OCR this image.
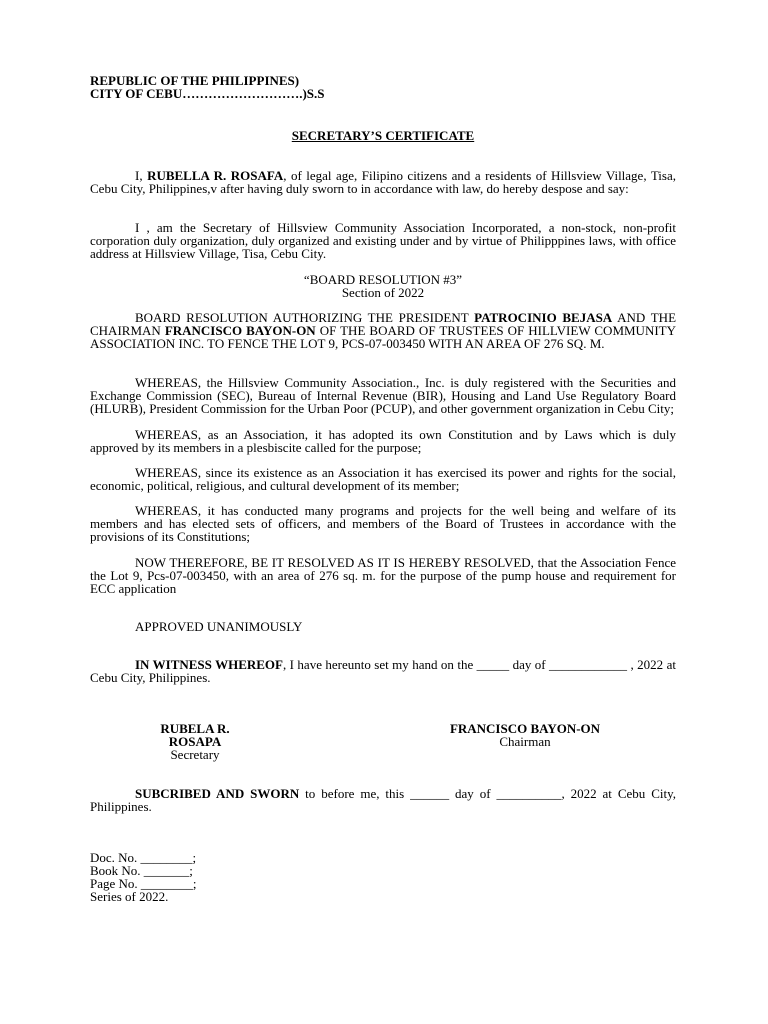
REPUBLIC OF THE PHILIPPINES)
CITY OF CEBU……………………….)S.S
SECRETARY’S CERTIFICATE

I, RUBELLA R. ROSAFA, of legal age, Filipino citizens and a residents of Hillsview Village, Tisa, Cebu City, Philippines,v after having duly sworn to in accordance with law, do hereby despose and say:

I , am the Secretary of Hillsview Community Association Incorporated, a non-stock, non-profit corporation duly organization, duly organized and existing under and by virtue of Philipppines laws, with office address at Hillsview Village, Tisa, Cebu City.

“BOARD RESOLUTION #3”
Section of 2022

BOARD RESOLUTION AUTHORIZING THE PRESIDENT PATROCINIO BEJASA AND THE CHAIRMAN FRANCISCO BAYON-ON OF THE BOARD OF TRUSTEES OF HILLVIEW COMMUNITY ASSOCIATION INC. TO FENCE THE LOT 9, PCS-07-003450 WITH AN AREA OF 276 SQ. M.

WHEREAS, the Hillsview Community Association., Inc. is duly registered with the Securities and Exchange Commission (SEC), Bureau of Internal Revenue (BIR), Housing and Land Use Regulatory Board (HLURB), President Commission for the Urban Poor (PCUP), and other government organization in Cebu City;

WHEREAS, as an Association, it has adopted its own Constitution and by Laws which is duly approved by its members in a plesbiscite called for the purpose;

WHEREAS, since its existence as an Association it has exercised its power and rights for the social, economic, political, religious, and cultural development of its member;

WHEREAS, it has conducted many programs and projects for the well being and welfare of its members and has elected sets of officers, and members of the Board of Trustees in accordance with the provisions of its Constitutions;

NOW THEREFORE, BE IT RESOLVED AS IT IS HEREBY RESOLVED, that the Association Fence the Lot 9, Pcs-07-003450, with an area of 276 sq. m. for the purpose of the pump house and requirement for ECC application

APPROVED UNANIMOUSLY

IN WITNESS WHEREOF, I have hereunto set my hand on the _____ day of ____________ , 2022 at Cebu City, Philippines.

RUBELA R. ROSAPA
Secretary
FRANCISCO BAYON-ON
Chairman

SUBCRIBED AND SWORN to before me, this ______ day of __________, 2022 at Cebu City, Philippines.

Doc. No. ________;
Book No. _______;
Page No. ________;
Series of 2022.
